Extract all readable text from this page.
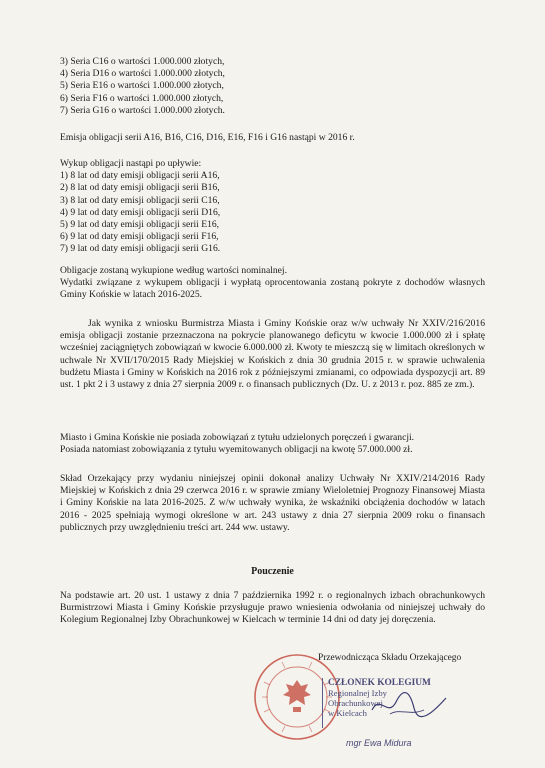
3) Seria C16 o wartości 1.000.000 złotych,
4) Seria D16 o wartości 1.000.000 złotych,
5) Seria E16 o wartości 1.000.000 złotych,
6) Seria F16 o wartości 1.000.000 złotych,
7) Seria G16 o wartości 1.000.000 złotych.
Emisja obligacji serii A16, B16, C16, D16, E16, F16 i G16 nastąpi w 2016 r.
Wykup obligacji nastąpi po upływie:
1) 8 lat od daty emisji obligacji serii A16,
2) 8 lat od daty emisji obligacji serii B16,
3) 8 lat od daty emisji obligacji serii C16,
4) 9 lat od daty emisji obligacji serii D16,
5) 9 lat od daty emisji obligacji serii E16,
6) 9 lat od daty emisji obligacji serii F16,
7) 9 lat od daty emisji obligacji serii G16.
Obligacje zostaną wykupione według wartości nominalnej.
Wydatki związane z wykupem obligacji i wypłatą oprocentowania zostaną pokryte z dochodów własnych Gminy Końskie w latach 2016-2025.
Jak wynika z wniosku Burmistrza Miasta i Gminy Końskie oraz w/w uchwały Nr XXIV/216/2016 emisja obligacji zostanie przeznaczona na pokrycie planowanego deficytu w kwocie 1.000.000 zł i spłatę wcześniej zaciągniętych zobowiązań w kwocie 6.000.000 zł. Kwoty te mieszczą się w limitach określonych w uchwale Nr XVII/170/2015 Rady Miejskiej w Końskich z dnia 30 grudnia 2015 r. w sprawie uchwalenia budżetu Miasta i Gminy w Końskich na 2016 rok z późniejszymi zmianami, co odpowiada dyspozycji art. 89 ust. 1 pkt 2 i 3 ustawy z dnia 27 sierpnia 2009 r. o finansach publicznych (Dz. U. z 2013 r. poz. 885 ze zm.).
Miasto i Gmina Końskie nie posiada zobowiązań z tytułu udzielonych poręczeń i gwarancji.
Posiada natomiast zobowiązania z tytułu wyemitowanych obligacji na kwotę 57.000.000 zł.
Skład Orzekający przy wydaniu niniejszej opinii dokonał analizy Uchwały Nr XXIV/214/2016 Rady Miejskiej w Końskich z dnia 29 czerwca 2016 r. w sprawie zmiany Wieloletniej Prognozy Finansowej Miasta i Gminy Końskie na lata 2016-2025. Z w/w uchwały wynika, że wskaźniki obciążenia dochodów w latach 2016 - 2025 spełniają wymogi określone w art. 243 ustawy z dnia 27 sierpnia 2009 roku o finansach publicznych przy uwzględnieniu treści art. 244 ww. ustawy.
Pouczenie
Na podstawie art. 20 ust. 1 ustawy z dnia 7 października 1992 r. o regionalnych izbach obrachunkowych Burmistrzowi Miasta i Gminy Końskie przysługuje prawo wniesienia odwołania od niniejszej uchwały do Kolegium Regionalnej Izby Obrachunkowej w Kielcach w terminie 14 dni od daty jej doręczenia.
Przewodnicząca Składu Orzekającego
CZŁONEK KOLEGIUM
Regionalnej Izby Obrachunkowej
w Kielcach
mgr Ewa Midura
